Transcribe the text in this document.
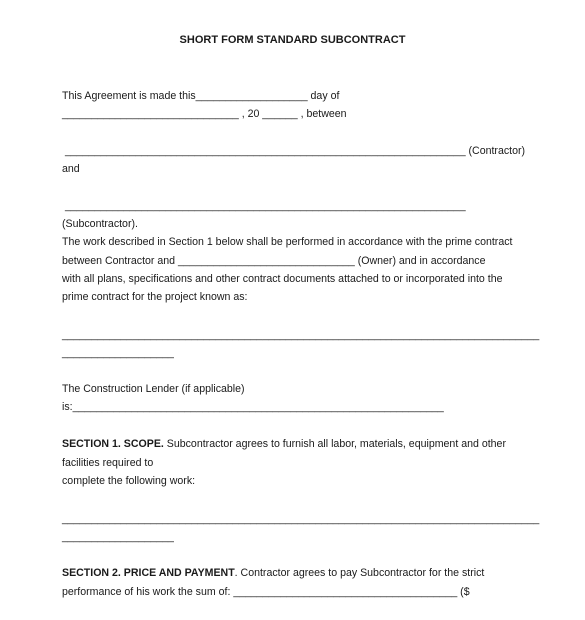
SHORT FORM STANDARD SUBCONTRACT
This Agreement is made this___________________ day of
______________________________ , 20 ______ , between
____________________________________________________________________ (Contractor)
and
____________________________________________________________________
(Subcontractor).
The work described in Section 1 below shall be performed in accordance with the prime contract
between Contractor and ______________________________ (Owner) and in accordance
with all plans, specifications and other contract documents attached to or incorporated into the
prime contract for the project known as:
_________________________________________________________________________________
___________________
The Construction Lender (if applicable)
is:_______________________________________________________________
SECTION 1. SCOPE. Subcontractor agrees to furnish all labor, materials, equipment and other
facilities required to
complete the following work:
_________________________________________________________________________________
___________________
SECTION 2. PRICE AND PAYMENT. Contractor agrees to pay Subcontractor for the strict
performance of his work the sum of: ______________________________________ ($
